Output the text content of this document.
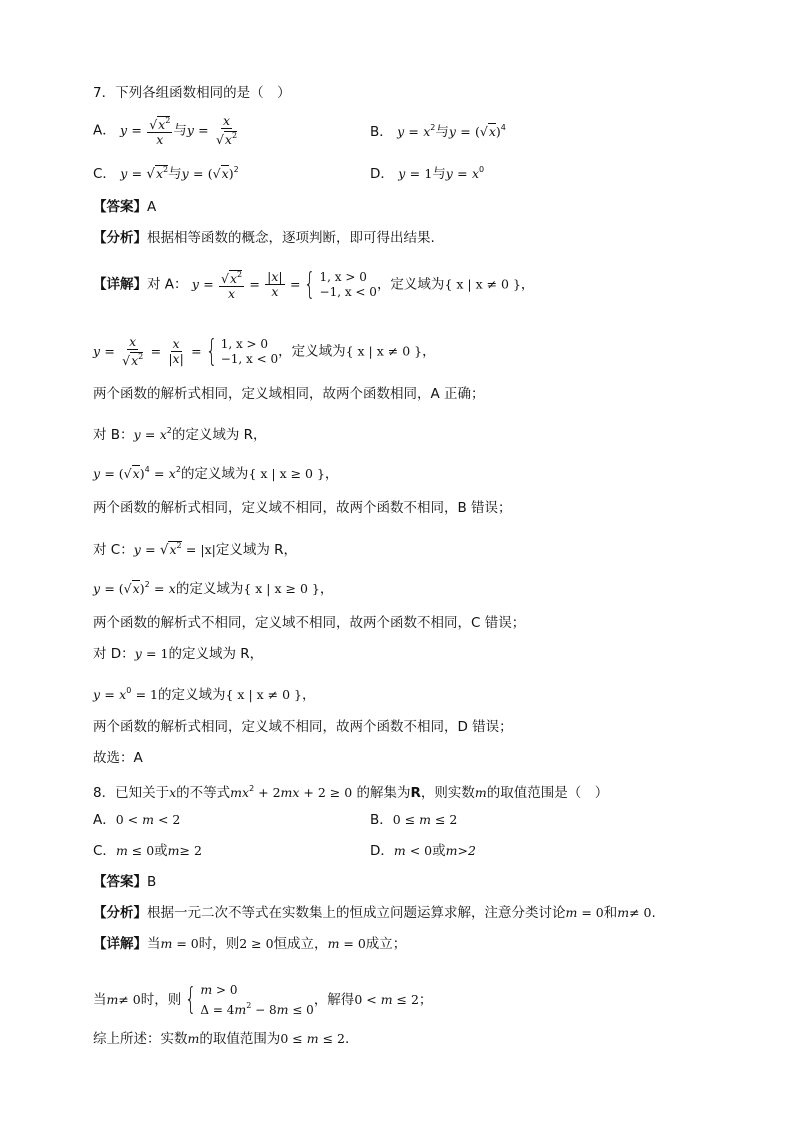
7．下列各组函数相同的是（　）
A． $y = \frac{√x^2}{x}$ 与$y = \frac{x}{√x^2}$	B． $y = x^2$与$y = (√x)^4$
C． $y = √x^2$与$y = (√x)^2$	D． y = 1与$y = x^0$
【答案】A
【分析】根据相等函数的概念，逐项判断，即可得出结果.
【详解】对 A： $y = \frac{√x^2}{x} = \frac{|x|}{x}$ = { 1, x > 0
−1, x < 0 ，定义域为{ x | x ≠ 0 }，
$y = \frac{x}{√x^2} = \frac{x}{|x|}$ = { 1, x > 0
−1, x < 0 ，定义域为{ x | x ≠ 0 }，
两个函数的解析式相同，定义域相同，故两个函数相同，A 正确；
对 B：$y = x^2$的定义域为 R，
$y = (√x)^4 = x^2$的定义域为{ x | x ≥ 0 }，
两个函数的解析式相同，定义域不相同，故两个函数不相同，B 错误；
对 C：$y = √x^2 = |x|$定义域为 R，
$y = (√x)^2 = x$的定义域为{ x | x ≥ 0 }，
两个函数的解析式不相同，定义域不相同，故两个函数不相同，C 错误；
对 D：y = 1的定义域为 R，
$y = x^0 = 1$的定义域为{ x | x ≠ 0 }，
两个函数的解析式相同，定义域不相同，故两个函数不相同，D 错误；
故选：A
8．已知关于x的不等式$mx^2 + 2mx + 2 \ge 0$ 的解集为R，则实数m的取值范围是（　）
A．0 < m < 2	B．0 ≤ m ≤ 2
C．m ≤ 0或m≥ 2	D．m < 0或m>2
【答案】B
【分析】根据一元二次不等式在实数集上的恒成立问题运算求解，注意分类讨论m = 0和m≠ 0.
【详解】当m = 0时，则2 ≥ 0恒成立，m = 0成立；
当m≠ 0时，则 { m > 0
$\Delta = 4m^2 - 8m \le 0$
，解得0 < m ≤ 2；
综上所述：实数m的取值范围为0 ≤ m ≤ 2.
